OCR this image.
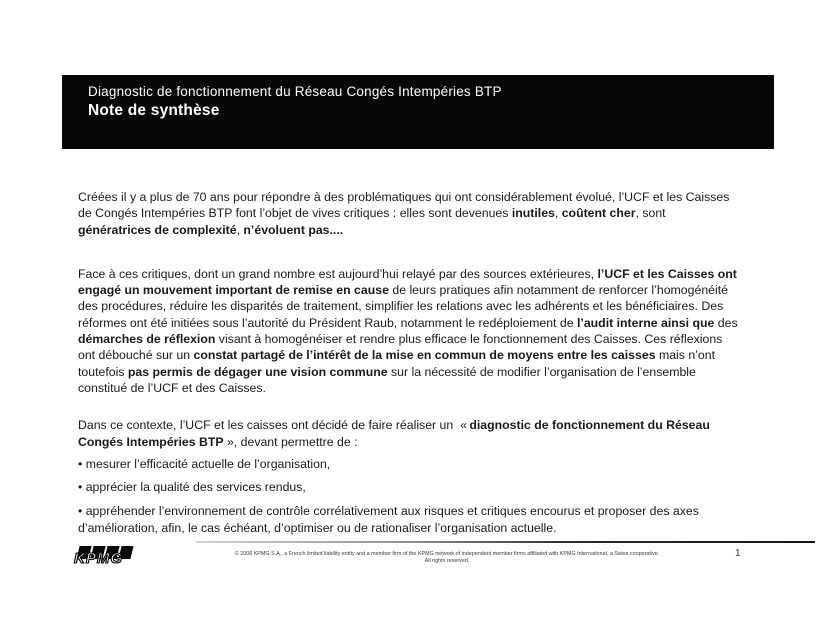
Diagnostic de fonctionnement du Réseau Congés Intempéries BTP
Note de synthèse

Créées il y a plus de 70 ans pour répondre à des problématiques qui ont considérablement évolué, l’UCF et les Caisses de Congés Intempéries BTP font l’objet de vives critiques : elles sont devenues inutiles, coûtent cher, sont génératrices de complexité, n’évoluent pas....

Face à ces critiques, dont un grand nombre est aujourd’hui relayé par des sources extérieures, l’UCF et les Caisses ont engagé un mouvement important de remise en cause de leurs pratiques afin notamment de renforcer l’homogénéité des procédures, réduire les disparités de traitement, simplifier les relations avec les adhérents et les bénéficiaires. Des réformes ont été initiées sous l’autorité du Président Raub, notamment le redéploiement de l’audit interne ainsi que des démarches de réflexion visant à homogénéiser et rendre plus efficace le fonctionnement des Caisses. Ces réflexions ont débouché sur un constat partagé de l’intérêt de la mise en commun de moyens entre les caisses mais n’ont toutefois pas permis de dégager une vision commune sur la nécessité de modifier l’organisation de l’ensemble constitué de l’UCF et des Caisses.

Dans ce contexte, l’UCF et les caisses ont décidé de faire réaliser un  « diagnostic de fonctionnement du Réseau Congés Intempéries BTP », devant permettre de :

• mesurer l’efficacité actuelle de l’organisation,

• apprécier la qualité des services rendus,

• appréhender l’environnement de contrôle corrélativement aux risques et critiques encourus et proposer des axes d’amélioration, afin, le cas échéant, d’optimiser ou de rationaliser l’organisation actuelle.

KPMG	© 2008 KPMG S.A., a French limited liability entity and a member firm of the KPMG network of independent member firms affiliated with KPMG International, a Swiss cooperative.
All rights reserved.
1
